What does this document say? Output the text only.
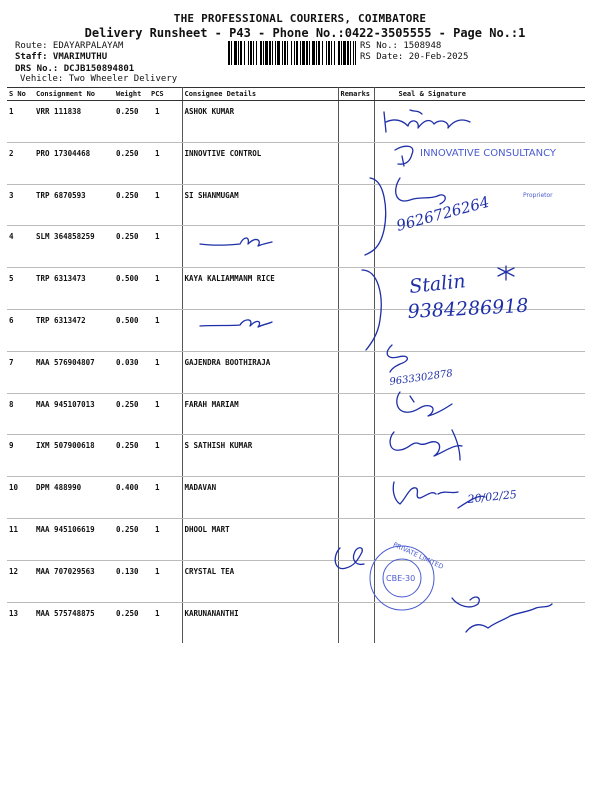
THE PROFESSIONAL COURIERS, COIMBATORE
Delivery Runsheet - P43 - Phone No.:0422-3505555 - Page No.:1
Route: EDAYARPALAYAM
Staff: VMARIMUTHU
DRS No.: DCJB150894801
Vehicle: Two Wheeler Delivery
RS No.: 1508948
RS Date: 20-Feb-2025
S No	Consignment No	Weight	PCS	Consignee Details	Remarks	Seal & Signature
1	VRR 111838	0.250	1	ASHOK KUMAR		
2	PRO 17304468	0.250	1	INNOVTIVE CONTROL		
3	TRP 6870593	0.250	1	SI SHANMUGAM		
4	SLM 364858259	0.250	1			
5	TRP 6313473	0.500	1	KAYA KALIAMMANM RICE		
6	TRP 6313472	0.500	1			
7	MAA 576904807	0.030	1	GAJENDRA BOOTHIRAJA		
8	MAA 945107013	0.250	1	FARAH MARIAM		
9	IXM 507900618	0.250	1	S SATHISH KUMAR		
10	DPM 488990	0.400	1	MADAVAN		
11	MAA 945106619	0.250	1	DHOOL MART		
12	MAA 707029563	0.130	1	CRYSTAL TEA		
13	MAA 575748875	0.250	1	KARUNANANTHI		
INNOVATIVE CONSULTANCY
Proprietor
9626726264
Stalin
9384286918
9633302878
20/02/25
PRIVATE LIMITED
CBE-30
